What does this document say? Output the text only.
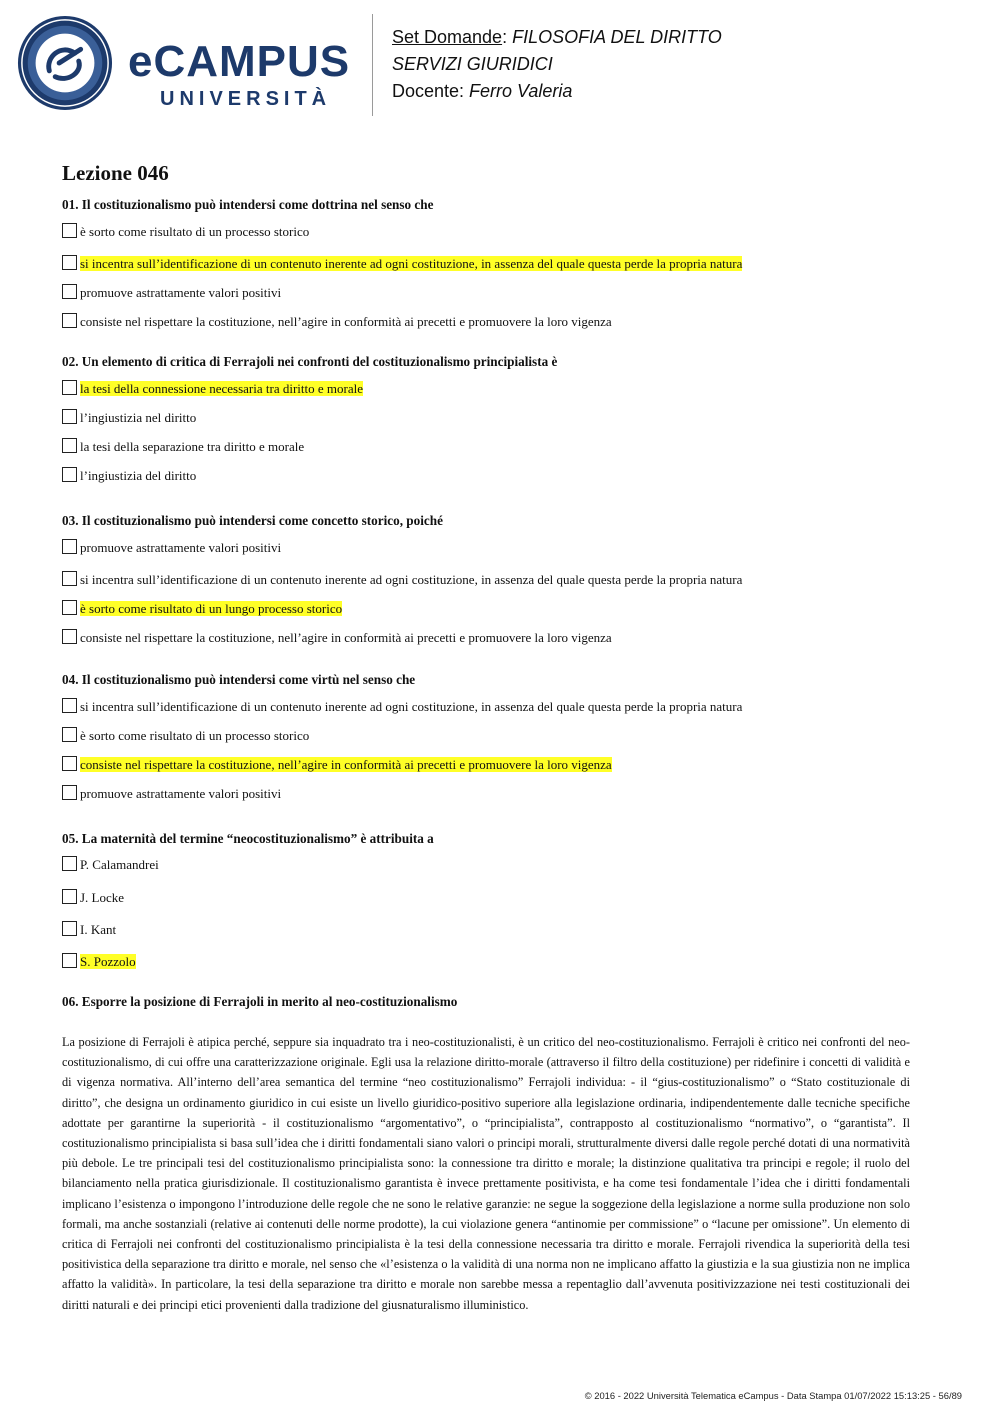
eCAMPUS
UNIVERSITÀ
Set Domande: FILOSOFIA DEL DIRITTO
SERVIZI GIURIDICI
Docente: Ferro Valeria
Lezione 046
01. Il costituzionalismo può intendersi come dottrina nel senso che
è sorto come risultato di un processo storico
si incentra sull’identificazione di un contenuto inerente ad ogni costituzione, in assenza del quale questa perde la propria natura
promuove astrattamente valori positivi
consiste nel rispettare la costituzione, nell’agire in conformità ai precetti e promuovere la loro vigenza
02. Un elemento di critica di Ferrajoli nei confronti del costituzionalismo principialista è
la tesi della connessione necessaria tra diritto e morale
l’ingiustizia nel diritto
la tesi della separazione tra diritto e morale
l’ingiustizia del diritto
03. Il costituzionalismo può intendersi come concetto storico, poiché
promuove astrattamente valori positivi
si incentra sull’identificazione di un contenuto inerente ad ogni costituzione, in assenza del quale questa perde la propria natura
è sorto come risultato di un lungo processo storico
consiste nel rispettare la costituzione, nell’agire in conformità ai precetti e promuovere la loro vigenza
04. Il costituzionalismo può intendersi come virtù nel senso che
si incentra sull’identificazione di un contenuto inerente ad ogni costituzione, in assenza del quale questa perde la propria natura
è sorto come risultato di un processo storico
consiste nel rispettare la costituzione, nell’agire in conformità ai precetti e promuovere la loro vigenza
promuove astrattamente valori positivi
05. La maternità del termine “neocostituzionalismo” è attribuita a
P. Calamandrei
J. Locke
I. Kant
S. Pozzolo
06. Esporre la posizione di Ferrajoli in merito al neo-costituzionalismo
La posizione di Ferrajoli è atipica perché, seppure sia inquadrato tra i neo-costituzionalisti, è un critico del neo-costituzionalismo. Ferrajoli è critico nei confronti del neo-costituzionalismo, di cui offre una caratterizzazione originale. Egli usa la relazione diritto-morale (attraverso il filtro della costituzione) per ridefinire i concetti di validità e di vigenza normativa. All’interno dell’area semantica del termine “neo costituzionalismo” Ferrajoli individua: - il “gius-costituzionalismo” o “Stato costituzionale di diritto”, che designa un ordinamento giuridico in cui esiste un livello giuridico-positivo superiore alla legislazione ordinaria, indipendentemente dalle tecniche specifiche adottate per garantirne la superiorità - il costituzionalismo “argomentativo”, o “principialista”, contrapposto al costituzionalismo “normativo”, o “garantista”. Il costituzionalismo principialista si basa sull’idea che i diritti fondamentali siano valori o principi morali, strutturalmente diversi dalle regole perché dotati di una normatività più debole. Le tre principali tesi del costituzionalismo principialista sono: la connessione tra diritto e morale; la distinzione qualitativa tra principi e regole; il ruolo del bilanciamento nella pratica giurisdizionale. Il costituzionalismo garantista è invece prettamente positivista, e ha come tesi fondamentale l’idea che i diritti fondamentali implicano l’esistenza o impongono l’introduzione delle regole che ne sono le relative garanzie: ne segue la soggezione della legislazione a norme sulla produzione non solo formali, ma anche sostanziali (relative ai contenuti delle norme prodotte), la cui violazione genera “antinomie per commissione” o “lacune per omissione”. Un elemento di critica di Ferrajoli nei confronti del costituzionalismo principialista è la tesi della connessione necessaria tra diritto e morale. Ferrajoli rivendica la superiorità della tesi positivistica della separazione tra diritto e morale, nel senso che «l’esistenza o la validità di una norma non ne implicano affatto la giustizia e la sua giustizia non ne implica affatto la validità». In particolare, la tesi della separazione tra diritto e morale non sarebbe messa a repentaglio dall’avvenuta positivizzazione nei testi costituzionali dei diritti naturali e dei principi etici provenienti dalla tradizione del giusnaturalismo illuministico.
© 2016 - 2022 Università Telematica eCampus - Data Stampa 01/07/2022 15:13:25 - 56/89
